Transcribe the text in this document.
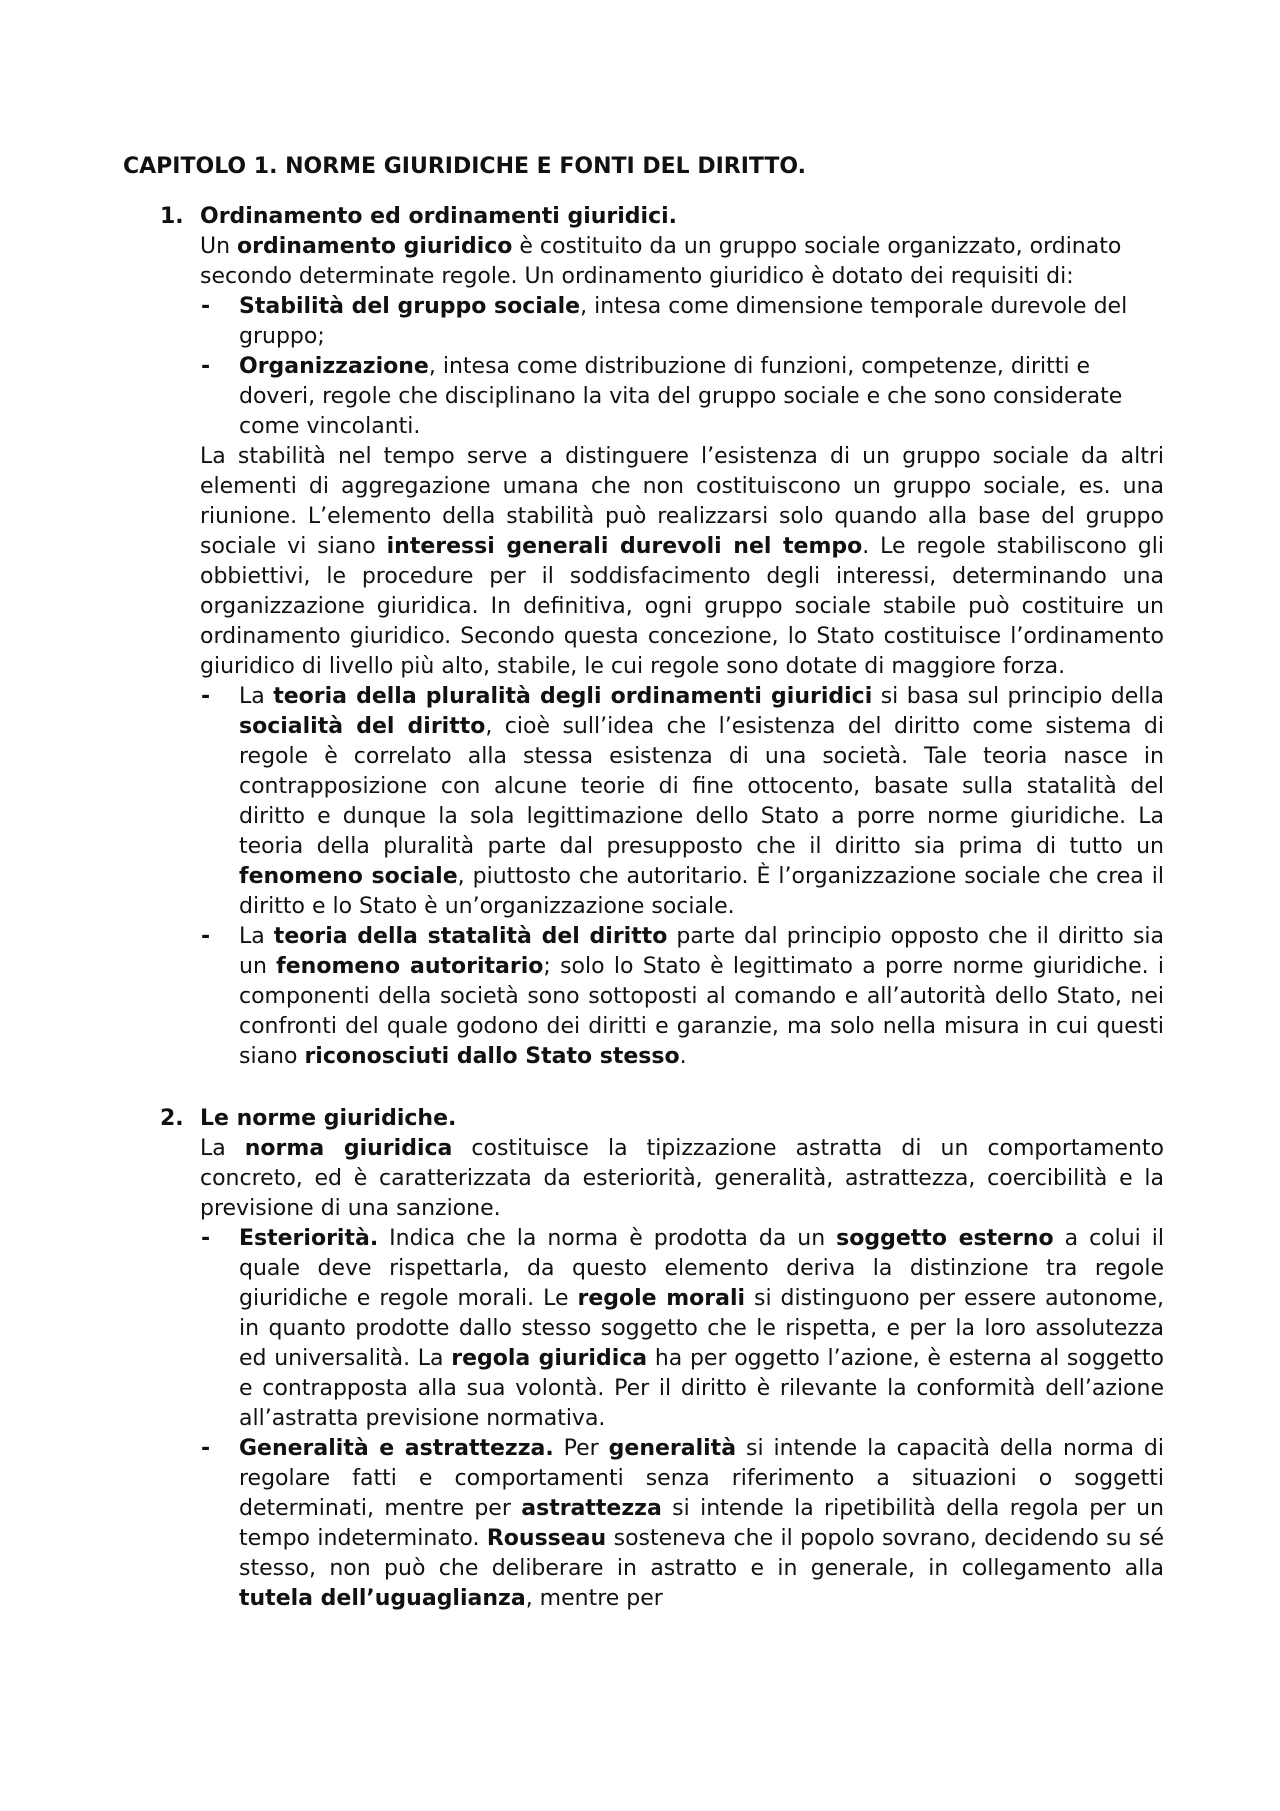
CAPITOLO 1. NORME GIURIDICHE E FONTI DEL DIRITTO.
1. Ordinamento ed ordinamenti giuridici.

Un ordinamento giuridico è costituito da un gruppo sociale organizzato, ordinato secondo determinate regole. Un ordinamento giuridico è dotato dei requisiti di:

- Stabilità del gruppo sociale, intesa come dimensione temporale durevole del gruppo;

- Organizzazione, intesa come distribuzione di funzioni, competenze, diritti e doveri, regole che disciplinano la vita del gruppo sociale e che sono considerate come vincolanti.

La stabilità nel tempo serve a distinguere l’esistenza di un gruppo sociale da altri elementi di aggregazione umana che non costituiscono un gruppo sociale, es. una riunione. L’elemento della stabilità può realizzarsi solo quando alla base del gruppo sociale vi siano interessi generali durevoli nel tempo. Le regole stabiliscono gli obbiettivi, le procedure per il soddisfacimento degli interessi, determinando una organizzazione giuridica. In definitiva, ogni gruppo sociale stabile può costituire un ordinamento giuridico. Secondo questa concezione, lo Stato costituisce l’ordinamento giuridico di livello più alto, stabile, le cui regole sono dotate di maggiore forza.

- La teoria della pluralità degli ordinamenti giuridici si basa sul principio della socialità del diritto, cioè sull’idea che l’esistenza del diritto come sistema di regole è correlato alla stessa esistenza di una società. Tale teoria nasce in contrapposizione con alcune teorie di fine ottocento, basate sulla statalità del diritto e dunque la sola legittimazione dello Stato a porre norme giuridiche. La teoria della pluralità parte dal presupposto che il diritto sia prima di tutto un fenomeno sociale, piuttosto che autoritario. È l’organizzazione sociale che crea il diritto e lo Stato è un’organizzazione sociale.

- La teoria della statalità del diritto parte dal principio opposto che il diritto sia un fenomeno autoritario; solo lo Stato è legittimato a porre norme giuridiche. i componenti della società sono sottoposti al comando e all’autorità dello Stato, nei confronti del quale godono dei diritti e garanzie, ma solo nella misura in cui questi siano riconosciuti dallo Stato stesso.

2. Le norme giuridiche.

La norma giuridica costituisce la tipizzazione astratta di un comportamento concreto, ed è caratterizzata da esteriorità, generalità, astrattezza, coercibilità e la previsione di una sanzione.

- Esteriorità. Indica che la norma è prodotta da un soggetto esterno a colui il quale deve rispettarla, da questo elemento deriva la distinzione tra regole giuridiche e regole morali. Le regole morali si distinguono per essere autonome, in quanto prodotte dallo stesso soggetto che le rispetta, e per la loro assolutezza ed universalità. La regola giuridica ha per oggetto l’azione, è esterna al soggetto e contrapposta alla sua volontà. Per il diritto è rilevante la conformità dell’azione all’astratta previsione normativa.

- Generalità e astrattezza. Per generalità si intende la capacità della norma di regolare fatti e comportamenti senza riferimento a situazioni o soggetti determinati, mentre per astrattezza si intende la ripetibilità della regola per un tempo indeterminato. Rousseau sosteneva che il popolo sovrano, decidendo su sé stesso, non può che deliberare in astratto e in generale, in collegamento alla tutela dell’uguaglianza, mentre per
